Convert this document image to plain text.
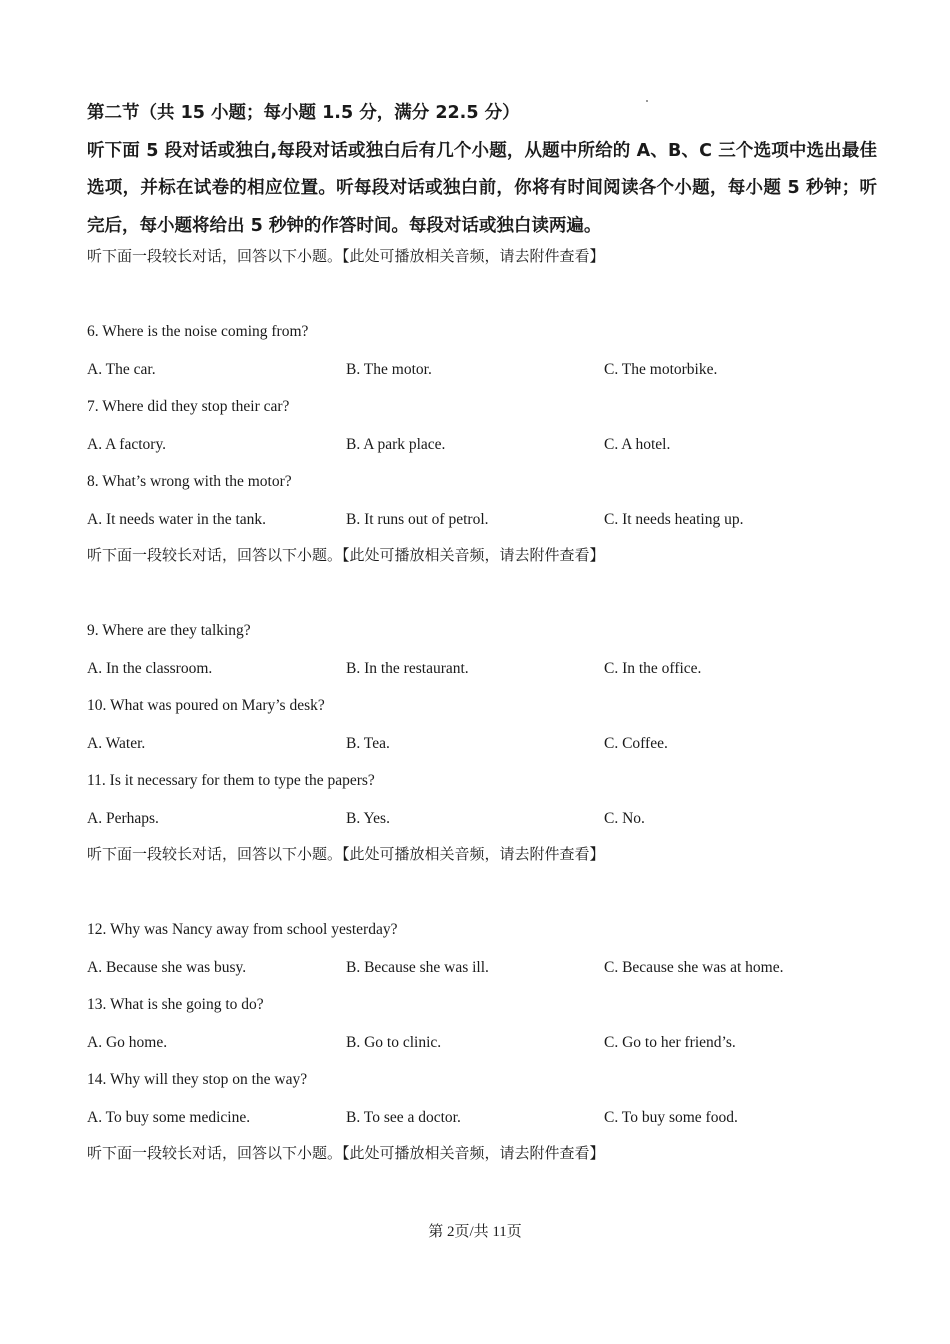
第二节（共 15 小题；每小题 1.5 分，满分 22.5 分）
听下面 5 段对话或独白,每段对话或独白后有几个小题，从题中所给的 A、B、C 三个选项中选出最佳选项，并标在试卷的相应位置。听每段对话或独白前，你将有时间阅读各个小题，每小题 5 秒钟；听完后，每小题将给出 5 秒钟的作答时间。每段对话或独白读两遍。

听下面一段较长对话，回答以下小题。【此处可播放相关音频，请去附件查看】

6. Where is the noise coming from?

A. The car.	B. The motor.	C. The motorbike.

7. Where did they stop their car?

A. A factory.	B. A park place.	C. A hotel.

8. What’s wrong with the motor?

A. It needs water in the tank.	B. It runs out of petrol.	C. It needs heating up.

听下面一段较长对话，回答以下小题。【此处可播放相关音频，请去附件查看】

9. Where are they talking?

A. In the classroom.	B. In the restaurant.	C. In the office.

10. What was poured on Mary’s desk?

A. Water.	B. Tea.	C. Coffee.

11. Is it necessary for them to type the papers?

A. Perhaps.	B. Yes.	C. No.

听下面一段较长对话，回答以下小题。【此处可播放相关音频，请去附件查看】

12. Why was Nancy away from school yesterday?

A. Because she was busy.	B. Because she was ill.	C. Because she was at home.

13. What is she going to do?

A. Go home.	B. Go to clinic.	C. Go to her friend’s.

14. Why will they stop on the way?

A. To buy some medicine.	B. To see a doctor.	C. To buy some food.

听下面一段较长对话，回答以下小题。【此处可播放相关音频，请去附件查看】

第 2页/共 11页
